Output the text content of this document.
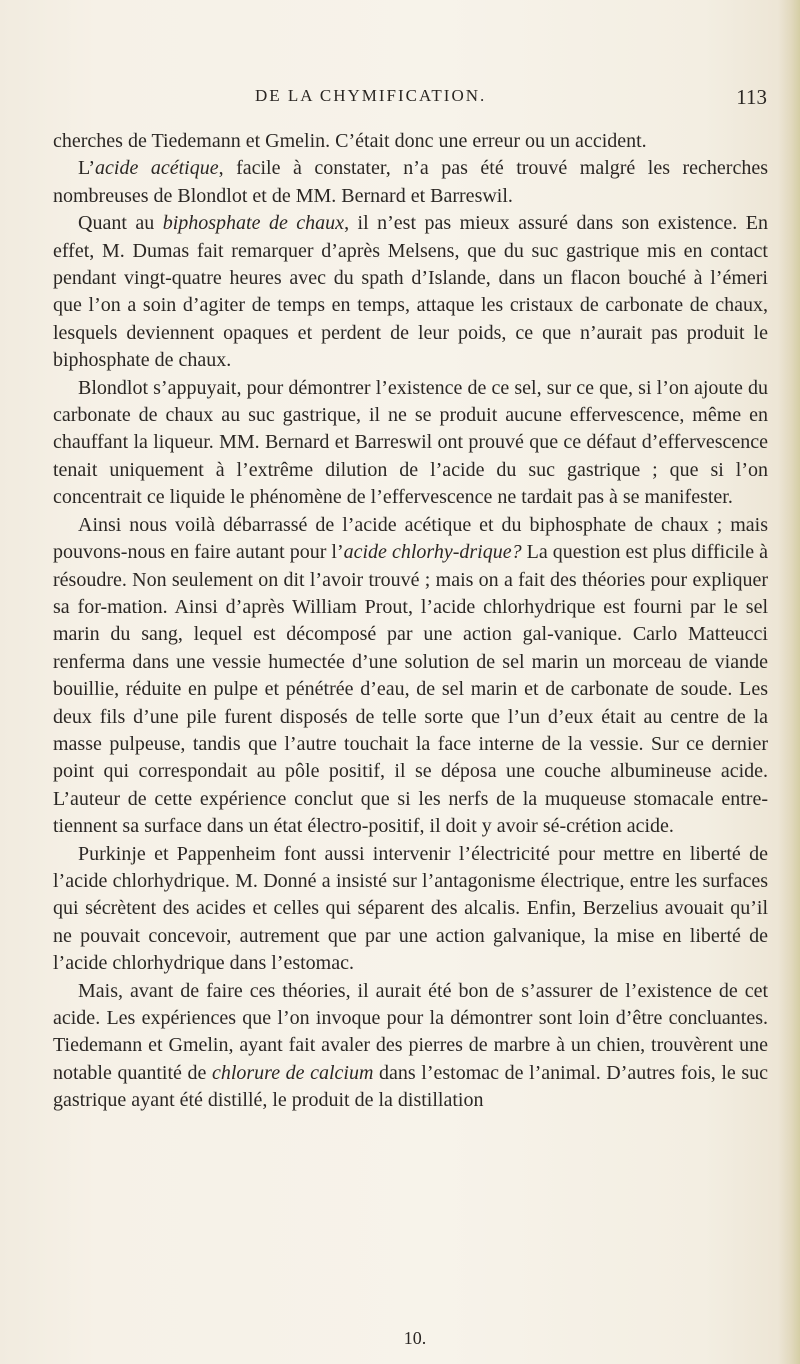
DE LA CHYMIFICATION.	113

cherches de Tiedemann et Gmelin. C’était donc une erreur ou un accident.

L’acide acétique, facile à constater, n’a pas été trouvé malgré les recherches nombreuses de Blondlot et de MM. Bernard et Barreswil.

Quant au biphosphate de chaux, il n’est pas mieux assuré dans son existence. En effet, M. Dumas fait remarquer d’après Melsens, que du suc gastrique mis en contact pendant vingt-quatre heures avec du spath d’Islande, dans un flacon bouché à l’émeri que l’on a soin d’agiter de temps en temps, attaque les cristaux de carbonate de chaux, lesquels deviennent opaques et perdent de leur poids, ce que n’aurait pas produit le biphosphate de chaux.

Blondlot s’appuyait, pour démontrer l’existence de ce sel, sur ce que, si l’on ajoute du carbonate de chaux au suc gastrique, il ne se produit aucune effervescence, même en chauffant la liqueur. MM. Bernard et Barreswil ont prouvé que ce défaut d’effervescence tenait uniquement à l’extrême dilution de l’acide du suc gastrique ; que si l’on concentrait ce liquide le phénomène de l’effervescence ne tardait pas à se manifester.

Ainsi nous voilà débarrassé de l’acide acétique et du biphosphate de chaux ; mais pouvons-nous en faire autant pour l’acide chlorhy-drique? La question est plus difficile à résoudre. Non seulement on dit l’avoir trouvé ; mais on a fait des théories pour expliquer sa for-mation. Ainsi d’après William Prout, l’acide chlorhydrique est fourni par le sel marin du sang, lequel est décomposé par une action gal-vanique. Carlo Matteucci renferma dans une vessie humectée d’une solution de sel marin un morceau de viande bouillie, réduite en pulpe et pénétrée d’eau, de sel marin et de carbonate de soude. Les deux fils d’une pile furent disposés de telle sorte que l’un d’eux était au centre de la masse pulpeuse, tandis que l’autre touchait la face interne de la vessie. Sur ce dernier point qui correspondait au pôle positif, il se déposa une couche albumineuse acide. L’auteur de cette expérience conclut que si les nerfs de la muqueuse stomacale entre-tiennent sa surface dans un état électro-positif, il doit y avoir sé-crétion acide.

Purkinje et Pappenheim font aussi intervenir l’électricité pour mettre en liberté de l’acide chlorhydrique. M. Donné a insisté sur l’antagonisme électrique, entre les surfaces qui sécrètent des acides et celles qui séparent des alcalis. Enfin, Berzelius avouait qu’il ne pouvait concevoir, autrement que par une action galvanique, la mise en liberté de l’acide chlorhydrique dans l’estomac.

Mais, avant de faire ces théories, il aurait été bon de s’assurer de l’existence de cet acide. Les expériences que l’on invoque pour la démontrer sont loin d’être concluantes. Tiedemann et Gmelin, ayant fait avaler des pierres de marbre à un chien, trouvèrent une notable quantité de chlorure de calcium dans l’estomac de l’animal. D’autres fois, le suc gastrique ayant été distillé, le produit de la distillation

10.
